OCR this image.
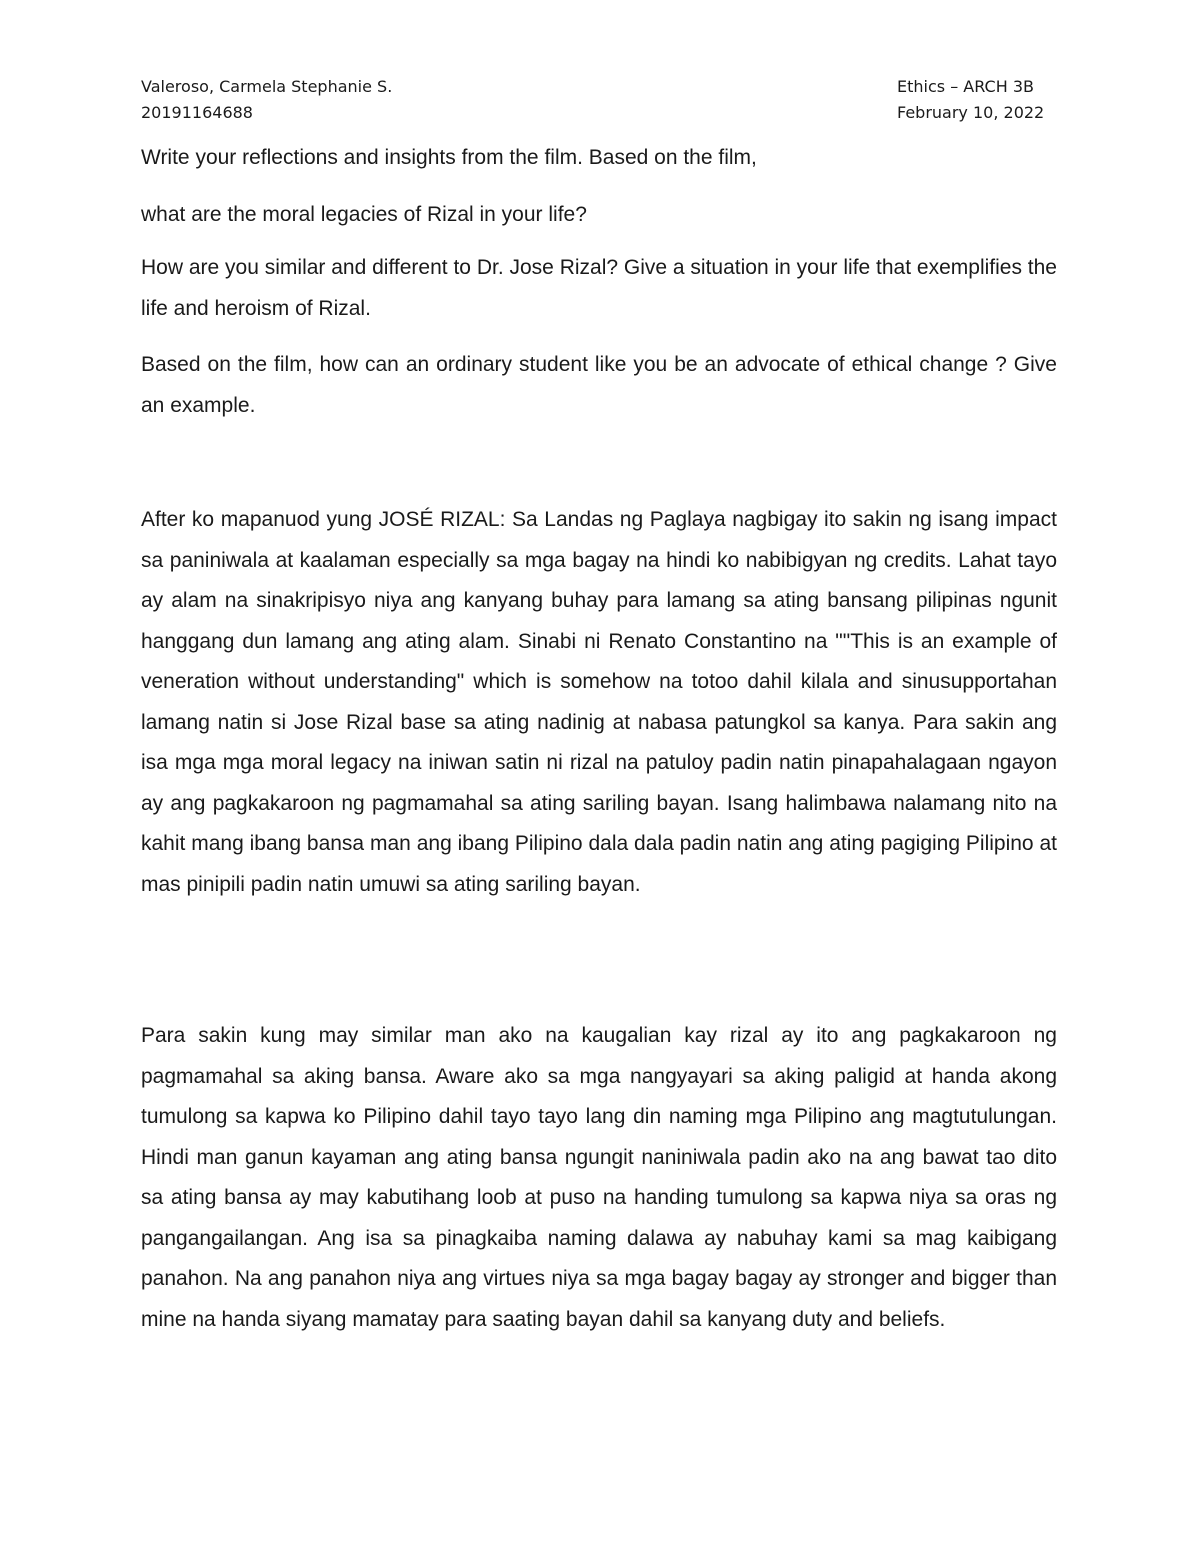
Valeroso, Carmela Stephanie S.	Ethics – ARCH 3B
20191164688	February 10, 2022

Write your reflections and insights from the film. Based on the film,

what are the moral legacies of Rizal in your life?

How are you similar and different to Dr. Jose Rizal? Give a situation in your life that exemplifies the life and heroism of Rizal.

Based on the film, how can an ordinary student like you be an advocate of ethical change ? Give an example.

After ko mapanuod yung JOSÉ RIZAL: Sa Landas ng Paglaya nagbigay ito sakin ng isang impact sa paniniwala at kaalaman especially sa mga bagay na hindi ko nabibigyan ng credits. Lahat tayo ay alam na sinakripisyo niya ang kanyang buhay para lamang sa ating bansang pilipinas ngunit hanggang dun lamang ang ating alam. Sinabi ni Renato Constantino na ""This is an example of veneration without understanding" which is somehow na totoo dahil kilala and sinusupportahan lamang natin si Jose Rizal base sa ating nadinig at nabasa patungkol sa kanya. Para sakin ang isa mga mga moral legacy na iniwan satin ni rizal na patuloy padin natin pinapahalagaan ngayon ay ang pagkakaroon ng pagmamahal sa ating sariling bayan. Isang halimbawa nalamang nito na kahit mang ibang bansa man ang ibang Pilipino dala dala padin natin ang ating pagiging Pilipino at mas pinipili padin natin umuwi sa ating sariling bayan.

Para sakin kung may similar man ako na kaugalian kay rizal ay ito ang pagkakaroon ng pagmamahal sa aking bansa. Aware ako sa mga nangyayari sa aking paligid at handa akong tumulong sa kapwa ko Pilipino dahil tayo tayo lang din naming mga Pilipino ang magtutulungan. Hindi man ganun kayaman ang ating bansa ngungit naniniwala padin ako na ang bawat tao dito sa ating bansa ay may kabutihang loob at puso na handing tumulong sa kapwa niya sa oras ng pangangailangan. Ang isa sa pinagkaiba naming dalawa ay nabuhay kami sa mag kaibigang panahon. Na ang panahon niya ang virtues niya sa mga bagay bagay ay stronger and bigger than mine na handa siyang mamatay para saating bayan dahil sa kanyang duty and beliefs.
